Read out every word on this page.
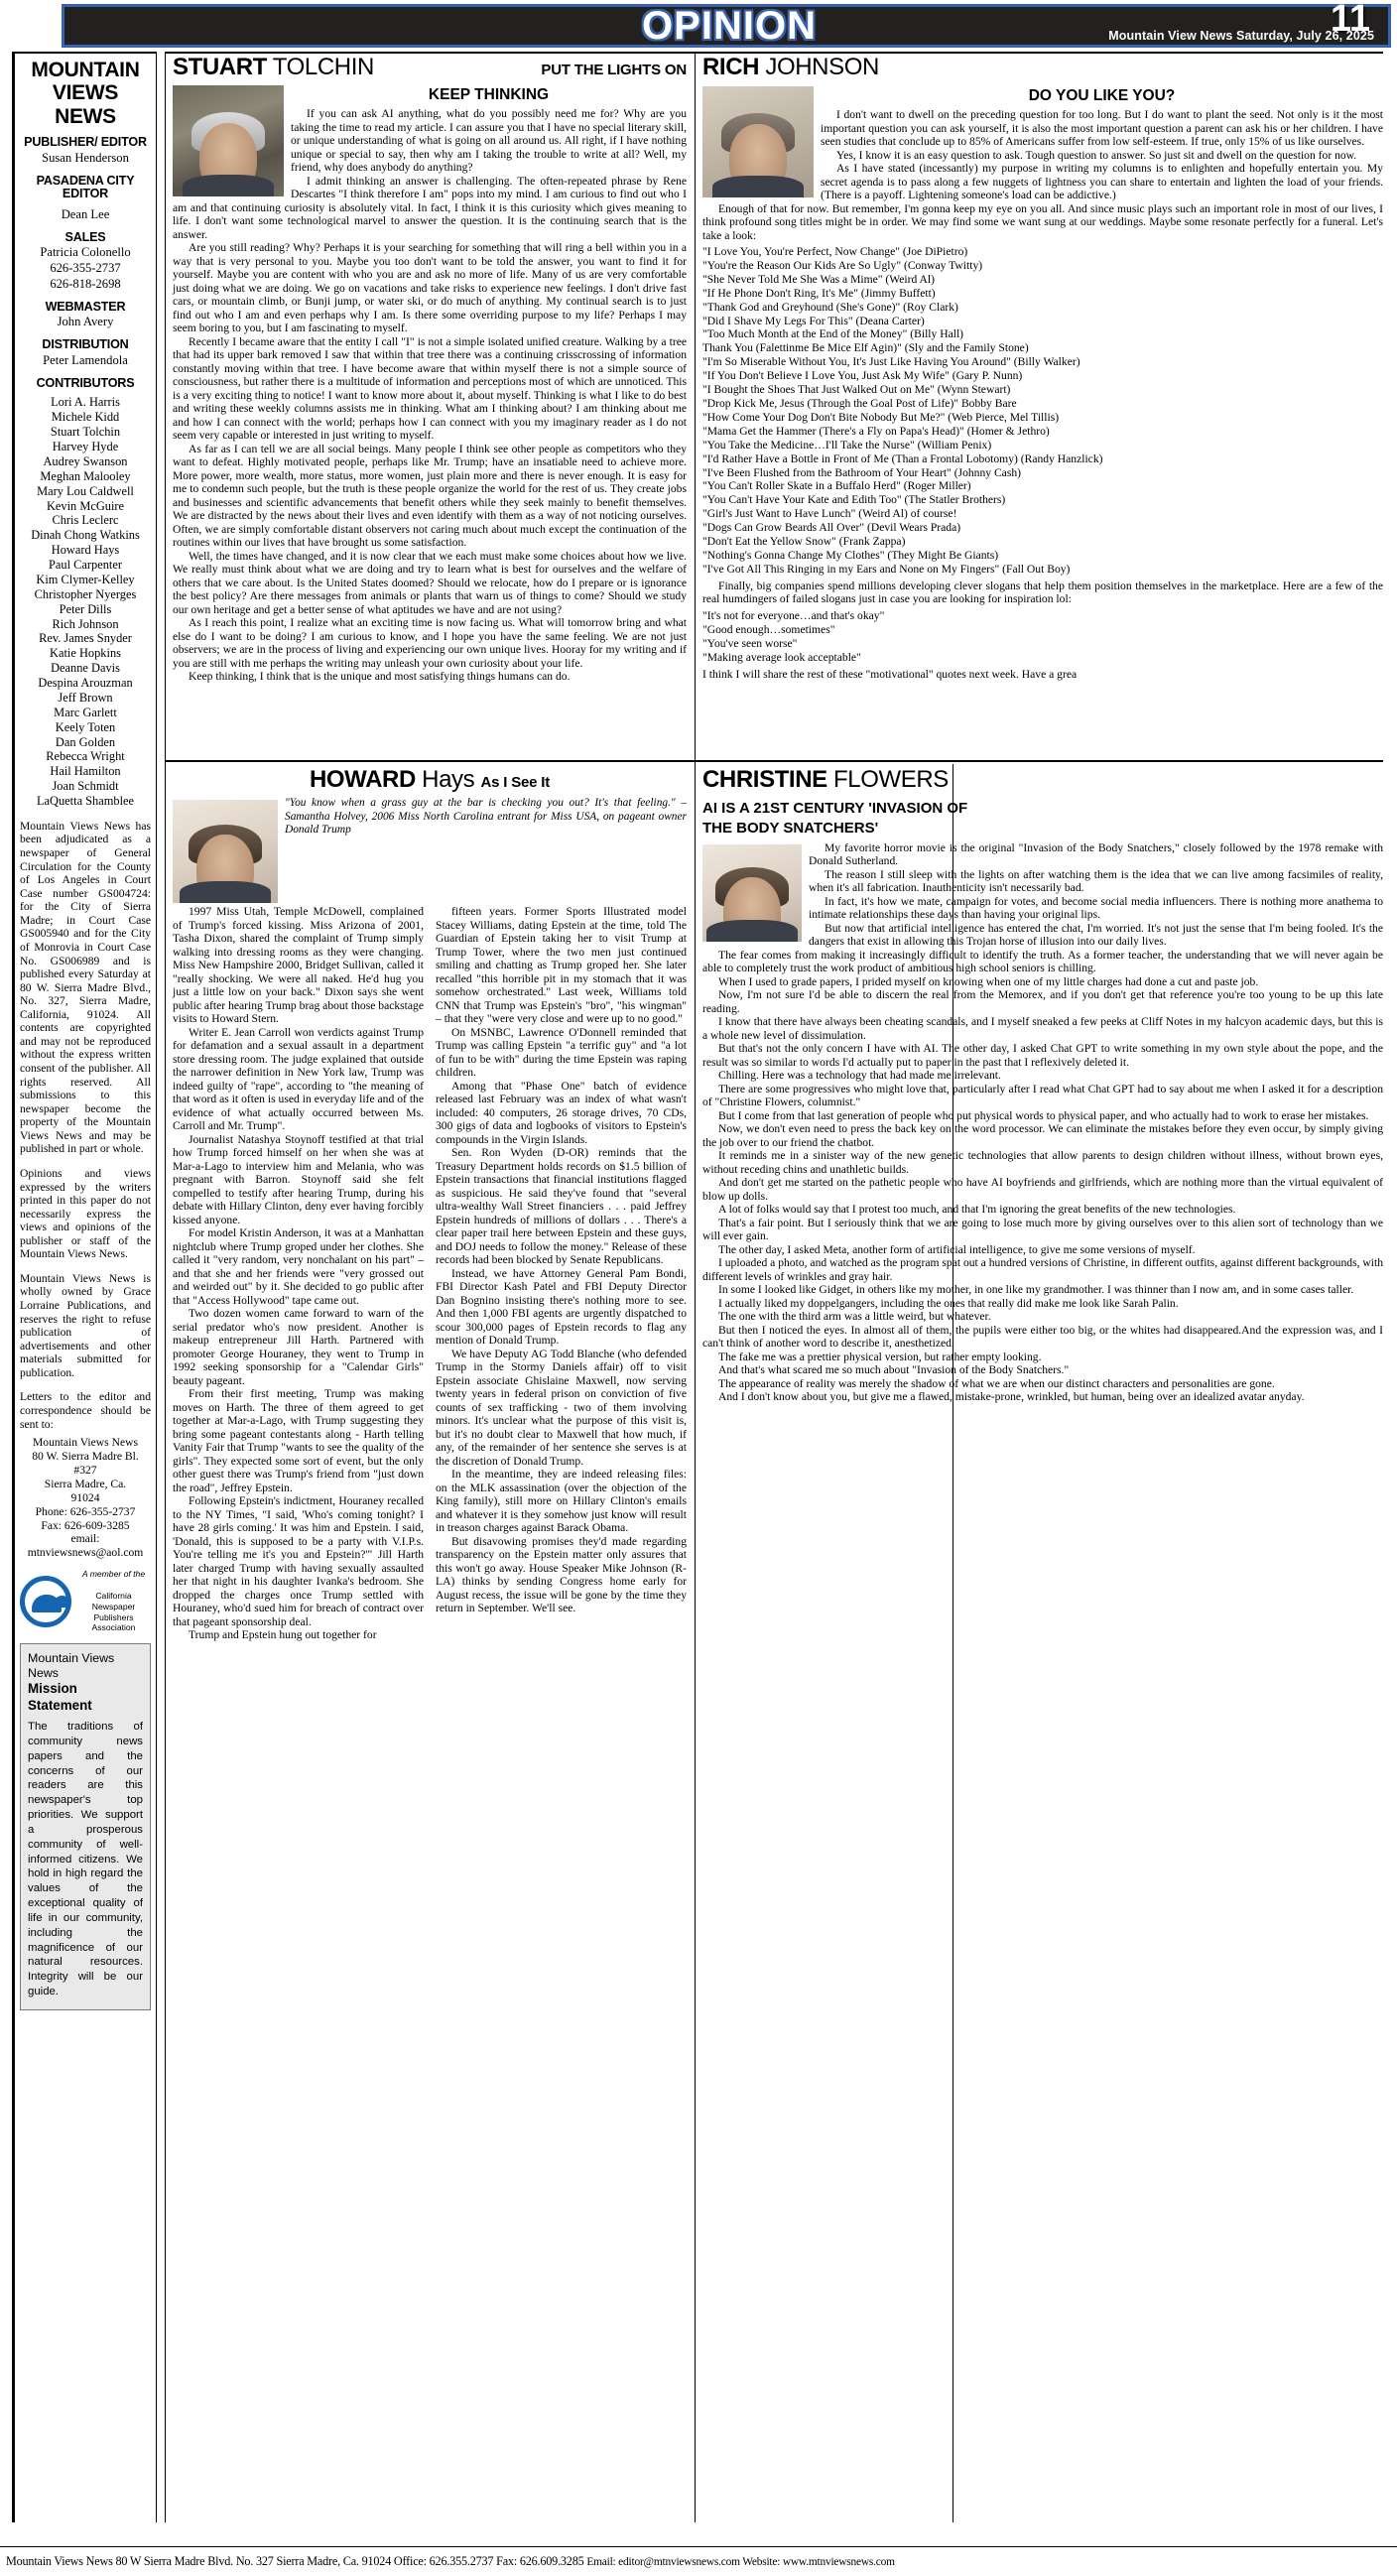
OPINION	11
Mountain View News Saturday, July 26, 2025
MOUNTAIN
VIEWS
NEWS
PUBLISHER/ EDITOR
Susan Henderson
PASADENA CITY
EDITOR
Dean Lee
SALES
Patricia Colonello
626-355-2737
626-818-2698
WEBMASTER
John Avery
DISTRIBUTION
Peter Lamendola
CONTRIBUTORS
Lori A. Harris
Michele Kidd
Stuart Tolchin
Harvey Hyde
Audrey Swanson
Meghan Malooley
Mary Lou Caldwell
Kevin McGuire
Chris Leclerc
Dinah Chong Watkins
Howard Hays
Paul Carpenter
Kim Clymer-Kelley
Christopher Nyerges
Peter Dills
Rich Johnson
Rev. James Snyder
Katie Hopkins
Deanne Davis
Despina Arouzman
Jeff Brown
Marc Garlett
Keely Toten
Dan Golden
Rebecca Wright
Hail Hamilton
Joan Schmidt
LaQuetta Shamblee
Mountain Views News has been adjudicated as a newspaper of General Circulation for the County of Los Angeles in Court Case number GS004724: for the City of Sierra Madre; in Court Case GS005940 and for the City of Monrovia in Court Case No. GS006989 and is published every Saturday at 80 W. Sierra Madre Blvd., No. 327, Sierra Madre, California, 91024. All contents are copyrighted and may not be reproduced without the express written consent of the publisher. All rights reserved. All submissions to this newspaper become the property of the Mountain Views News and may be published in part or whole.
Opinions and views expressed by the writers printed in this paper do not necessarily express the views and opinions of the publisher or staff of the Mountain Views News.
Mountain Views News is wholly owned by Grace Lorraine Publications, and reserves the right to refuse publication of advertisements and other materials submitted for publication.
Letters to the editor and correspondence should be sent to:
Mountain Views News
80 W. Sierra Madre Bl.
#327
Sierra Madre, Ca.
91024
Phone: 626-355-2737
Fax: 626-609-3285
email:
mtnviewsnews@aol.com
A member of the

California
Newspaper
Publishers
Association
Mountain Views News
Mission Statement
The traditions of community news papers and the concerns of our readers are this newspaper's top priorities. We support a prosperous community of well-informed citizens. We hold in high regard the values of the exceptional quality of life in our community, including the magnificence of our natural resources. Integrity will be our guide.
STUART TOLCHIN	PUT THE LIGHTS ON
KEEP THINKING

If you can ask AI anything, what do you possibly need me for? Why are you taking the time to read my article. I can assure you that I have no special literary skill, or unique understanding of what is going on all around us. All right, if I have nothing unique or special to say, then why am I taking the trouble to write at all? Well, my friend, why does anybody do anything?

I admit thinking an answer is challenging. The often-repeated phrase by Rene Descartes "I think therefore I am" pops into my mind. I am curious to find out who I am and that continuing curiosity is absolutely vital. In fact, I think it is this curiosity which gives meaning to life. I don't want some technological marvel to answer the question. It is the continuing search that is the answer.

Are you still reading? Why? Perhaps it is your searching for something that will ring a bell within you in a way that is very personal to you. Maybe you too don't want to be told the answer, you want to find it for yourself. Maybe you are content with who you are and ask no more of life. Many of us are very comfortable just doing what we are doing. We go on vacations and take risks to experience new feelings. I don't drive fast cars, or mountain climb, or Bunji jump, or water ski, or do much of anything. My continual search is to just find out who I am and even perhaps why I am. Is there some overriding purpose to my life? Perhaps I may seem boring to you, but I am fascinating to myself.

Recently I became aware that the entity I call "I" is not a simple isolated unified creature. Walking by a tree that had its upper bark removed I saw that within that tree there was a continuing crisscrossing of information constantly moving within that tree. I have become aware that within myself there is not a simple source of consciousness, but rather there is a multitude of information and perceptions most of which are unnoticed. This is a very exciting thing to notice! I want to know more about it, about myself. Thinking is what I like to do best and writing these weekly columns assists me in thinking. What am I thinking about? I am thinking about me and how I can connect with the world; perhaps how I can connect with you my imaginary reader as I do not seem very capable or interested in just writing to myself.

As far as I can tell we are all social beings. Many people I think see other people as competitors who they want to defeat. Highly motivated people, perhaps like Mr. Trump; have an insatiable need to achieve more. More power, more wealth, more status, more women, just plain more and there is never enough. It is easy for me to condemn such people, but the truth is these people organize the world for the rest of us. They create jobs and businesses and scientific advancements that benefit others while they seek mainly to benefit themselves. We are distracted by the news about their lives and even identify with them as a way of not noticing ourselves. Often, we are simply comfortable distant observers not caring much about much except the continuation of the routines within our lives that have brought us some satisfaction.

Well, the times have changed, and it is now clear that we each must make some choices about how we live. We really must think about what we are doing and try to learn what is best for ourselves and the welfare of others that we care about. Is the United States doomed? Should we relocate, how do I prepare or is ignorance the best policy? Are there messages from animals or plants that warn us of things to come? Should we study our own heritage and get a better sense of what aptitudes we have and are not using?

As I reach this point, I realize what an exciting time is now facing us. What will tomorrow bring and what else do I want to be doing? I am curious to know, and I hope you have the same feeling. We are not just observers; we are in the process of living and experiencing our own unique lives. Hooray for my writing and if you are still with me perhaps the writing may unleash your own curiosity about your life.

Keep thinking, I think that is the unique and most satisfying things humans can do.

RICH JOHNSON
DO YOU LIKE YOU?

I don't want to dwell on the preceding question for too long. But I do want to plant the seed. Not only is it the most important question you can ask yourself, it is also the most important question a parent can ask his or her children. I have seen studies that conclude up to 85% of Americans suffer from low self-esteem. If true, only 15% of us like ourselves.

Yes, I know it is an easy question to ask. Tough question to answer. So just sit and dwell on the question for now.

As I have stated (incessantly) my purpose in writing my columns is to enlighten and hopefully entertain you. My secret agenda is to pass along a few nuggets of lightness you can share to entertain and lighten the load of your friends. (There is a payoff. Lightening someone's load can be addictive.)

Enough of that for now. But remember, I'm gonna keep my eye on you all. And since music plays such an important role in most of our lives, I think profound song titles might be in order. We may find some we want sung at our weddings. Maybe some resonate perfectly for a funeral. Let's take a look:

"I Love You, You're Perfect, Now Change" (Joe DiPietro)
"You're the Reason Our Kids Are So Ugly" (Conway Twitty)
"She Never Told Me She Was a Mime" (Weird Al)
"If He Phone Don't Ring, It's Me" (Jimmy Buffett)
"Thank God and Greyhound (She's Gone)" (Roy Clark)
"Did I Shave My Legs For This" (Deana Carter)
"Too Much Month at the End of the Money" (Billy Hall)
Thank You (Falettinme Be Mice Elf Agin)" (Sly and the Family Stone)
"I'm So Miserable Without You, It's Just Like Having You Around" (Billy Walker)
"If You Don't Believe I Love You, Just Ask My Wife" (Gary P. Nunn)
"I Bought the Shoes That Just Walked Out on Me" (Wynn Stewart)
"Drop Kick Me, Jesus (Through the Goal Post of Life)" Bobby Bare
"How Come Your Dog Don't Bite Nobody But Me?" (Web Pierce, Mel Tillis)
"Mama Get the Hammer (There's a Fly on Papa's Head)" (Homer & Jethro)
"You Take the Medicine…I'll Take the Nurse" (William Penix)
"I'd Rather Have a Bottle in Front of Me (Than a Frontal Lobotomy) (Randy Hanzlick)
"I've Been Flushed from the Bathroom of Your Heart" (Johnny Cash)
"You Can't Roller Skate in a Buffalo Herd" (Roger Miller)
"You Can't Have Your Kate and Edith Too" (The Statler Brothers)
"Girl's Just Want to Have Lunch" (Weird Al) of course!
"Dogs Can Grow Beards All Over" (Devil Wears Prada)
"Don't Eat the Yellow Snow" (Frank Zappa)
"Nothing's Gonna Change My Clothes" (They Might Be Giants)
"I've Got All This Ringing in my Ears and None on My Fingers" (Fall Out Boy)

Finally, big companies spend millions developing clever slogans that help them position themselves in the marketplace. Here are a few of the real humdingers of failed slogans just in case you are looking for inspiration lol:

"It's not for everyone…and that's okay"
"Good enough…sometimes"
"You've seen worse"
"Making average look acceptable"
I think I will share the rest of these "motivational" quotes next week. Have a grea
HOWARD Hays As I See It
"You know when a grass guy at the bar is checking you out? It's that feeling." – Samantha Holvey, 2006 Miss North Carolina entrant for Miss USA, on pageant owner Donald Trump

1997 Miss Utah, Temple McDowell, complained of Trump's forced kissing. Miss Arizona of 2001, Tasha Dixon, shared the complaint of Trump simply walking into dressing rooms as they were changing. Miss New Hampshire 2000, Bridget Sullivan, called it "really shocking. We were all naked. He'd hug you just a little low on your back." Dixon says she went public after hearing Trump brag about those backstage visits to Howard Stern.

Writer E. Jean Carroll won verdicts against Trump for defamation and a sexual assault in a department store dressing room. The judge explained that outside the narrower definition in New York law, Trump was indeed guilty of "rape", according to "the meaning of that word as it often is used in everyday life and of the evidence of what actually occurred between Ms. Carroll and Mr. Trump".

Journalist Natashya Stoynoff testified at that trial how Trump forced himself on her when she was at Mar-a-Lago to interview him and Melania, who was pregnant with Barron. Stoynoff said she felt compelled to testify after hearing Trump, during his debate with Hillary Clinton, deny ever having forcibly kissed anyone.

For model Kristin Anderson, it was at a Manhattan nightclub where Trump groped under her clothes. She called it "very random, very nonchalant on his part" – and that she and her friends were "very grossed out and weirded out" by it. She decided to go public after that "Access Hollywood" tape came out.

Two dozen women came forward to warn of the serial predator who's now president. Another is makeup entrepreneur Jill Harth. Partnered with promoter George Houraney, they went to Trump in 1992 seeking sponsorship for a "Calendar Girls" beauty pageant.

From their first meeting, Trump was making moves on Harth. The three of them agreed to get together at Mar-a-Lago, with Trump suggesting they bring some pageant contestants along - Harth telling Vanity Fair that Trump "wants to see the quality of the girls". They expected some sort of event, but the only other guest there was Trump's friend from "just down the road", Jeffrey Epstein.

Following Epstein's indictment, Houraney recalled to the NY Times, "I said, 'Who's coming tonight? I have 28 girls coming.' It was him and Epstein. I said, 'Donald, this is supposed to be a party with V.I.P.s. You're telling me it's you and Epstein?'" Jill Harth later charged Trump with having sexually assaulted her that night in his daughter Ivanka's bedroom. She dropped the charges once Trump settled with Houraney, who'd sued him for breach of contract over that pageant sponsorship deal.

Trump and Epstein hung out together for

fifteen years. Former Sports Illustrated model Stacey Williams, dating Epstein at the time, told The Guardian of Epstein taking her to visit Trump at Trump Tower, where the two men just continued smiling and chatting as Trump groped her. She later recalled "this horrible pit in my stomach that it was somehow orchestrated." Last week, Williams told CNN that Trump was Epstein's "bro", "his wingman" – that they "were very close and were up to no good."

On MSNBC, Lawrence O'Donnell reminded that Trump was calling Epstein "a terrific guy" and "a lot of fun to be with" during the time Epstein was raping children.

Among that "Phase One" batch of evidence released last February was an index of what wasn't included: 40 computers, 26 storage drives, 70 CDs, 300 gigs of data and logbooks of visitors to Epstein's compounds in the Virgin Islands.

Sen. Ron Wyden (D-OR) reminds that the Treasury Department holds records on $1.5 billion of Epstein transactions that financial institutions flagged as suspicious. He said they've found that "several ultra-wealthy Wall Street financiers . . . paid Jeffrey Epstein hundreds of millions of dollars . . . There's a clear paper trail here between Epstein and these guys, and DOJ needs to follow the money." Release of these records had been blocked by Senate Republicans.

Instead, we have Attorney General Pam Bondi, FBI Director Kash Patel and FBI Deputy Director Dan Bognino insisting there's nothing more to see. And then 1,000 FBI agents are urgently dispatched to scour 300,000 pages of Epstein records to flag any mention of Donald Trump.

We have Deputy AG Todd Blanche (who defended Trump in the Stormy Daniels affair) off to visit Epstein associate Ghislaine Maxwell, now serving twenty years in federal prison on conviction of five counts of sex trafficking - two of them involving minors. It's unclear what the purpose of this visit is, but it's no doubt clear to Maxwell that how much, if any, of the remainder of her sentence she serves is at the discretion of Donald Trump.

In the meantime, they are indeed releasing files: on the MLK assassination (over the objection of the King family), still more on Hillary Clinton's emails and whatever it is they somehow just know will result in treason charges against Barack Obama.

But disavowing promises they'd made regarding transparency on the Epstein matter only assures that this won't go away. House Speaker Mike Johnson (R-LA) thinks by sending Congress home early for August recess, the issue will be gone by the time they return in September. We'll see.

CHRISTINE FLOWERS
AI IS A 21ST CENTURY 'INVASION OF
THE BODY SNATCHERS'

My favorite horror movie is the original "Invasion of the Body Snatchers," closely followed by the 1978 remake with Donald Sutherland.

The reason I still sleep with the lights on after watching them is the idea that we can live among facsimiles of reality, when it's all fabrication. Inauthenticity isn't necessarily bad.

In fact, it's how we mate, campaign for votes, and become social media influencers. There is nothing more anathema to intimate relationships these days than having your original lips.

But now that artificial intelligence has entered the chat, I'm worried. It's not just the sense that I'm being fooled. It's the dangers that exist in allowing this Trojan horse of illusion into our daily lives.

The fear comes from making it increasingly difficult to identify the truth. As a former teacher, the understanding that we will never again be able to completely trust the work product of ambitious high school seniors is chilling.

When I used to grade papers, I prided myself on knowing when one of my little charges had done a cut and paste job.

Now, I'm not sure I'd be able to discern the real from the Memorex, and if you don't get that reference you're too young to be up this late reading.

I know that there have always been cheating scandals, and I myself sneaked a few peeks at Cliff Notes in my halcyon academic days, but this is a whole new level of dissimulation.

But that's not the only concern I have with AI. The other day, I asked Chat GPT to write something in my own style about the pope, and the result was so similar to words I'd actually put to paper in the past that I reflexively deleted it.

Chilling. Here was a technology that had made me irrelevant.

There are some progressives who might love that, particularly after I read what Chat GPT had to say about me when I asked it for a description of "Christine Flowers, columnist."

But I come from that last generation of people who put physical words to physical paper, and who actually had to work to erase her mistakes.

Now, we don't even need to press the back key on the word processor. We can eliminate the mistakes before they even occur, by simply giving the job over to our friend the chatbot.

It reminds me in a sinister way of the new genetic technologies that allow parents to design children without illness, without brown eyes, without receding chins and unathletic builds.

And don't get me started on the pathetic people who have AI boyfriends and girlfriends, which are nothing more than the virtual equivalent of blow up dolls.

A lot of folks would say that I protest too much, and that I'm ignoring the great benefits of the new technologies.

That's a fair point. But I seriously think that we are going to lose much more by giving ourselves over to this alien sort of technology than we will ever gain.

The other day, I asked Meta, another form of artificial intelligence, to give me some versions of myself.

I uploaded a photo, and watched as the program spat out a hundred versions of Christine, in different outfits, against different backgrounds, with different levels of wrinkles and gray hair.

In some I looked like Gidget, in others like my mother, in one like my grandmother. I was thinner than I now am, and in some cases taller.

I actually liked my doppelgangers, including the ones that really did make me look like Sarah Palin.

The one with the third arm was a little weird, but whatever.

But then I noticed the eyes. In almost all of them, the pupils were either too big, or the whites had disappeared.And the expression was, and I can't think of another word to describe it, anesthetized.

The fake me was a prettier physical version, but rather empty looking.

And that's what scared me so much about "Invasion of the Body Snatchers."

The appearance of reality was merely the shadow of what we are when our distinct characters and personalities are gone.

And I don't know about you, but give me a flawed, mistake-prone, wrinkled, but human, being over an idealized avatar anyday.

Mountain Views News 80 W Sierra Madre Blvd. No. 327 Sierra Madre, Ca. 91024 Office: 626.355.2737 Fax: 626.609.3285 Email: editor@mtnviewsnews.com Website: www.mtnviewsnews.com
